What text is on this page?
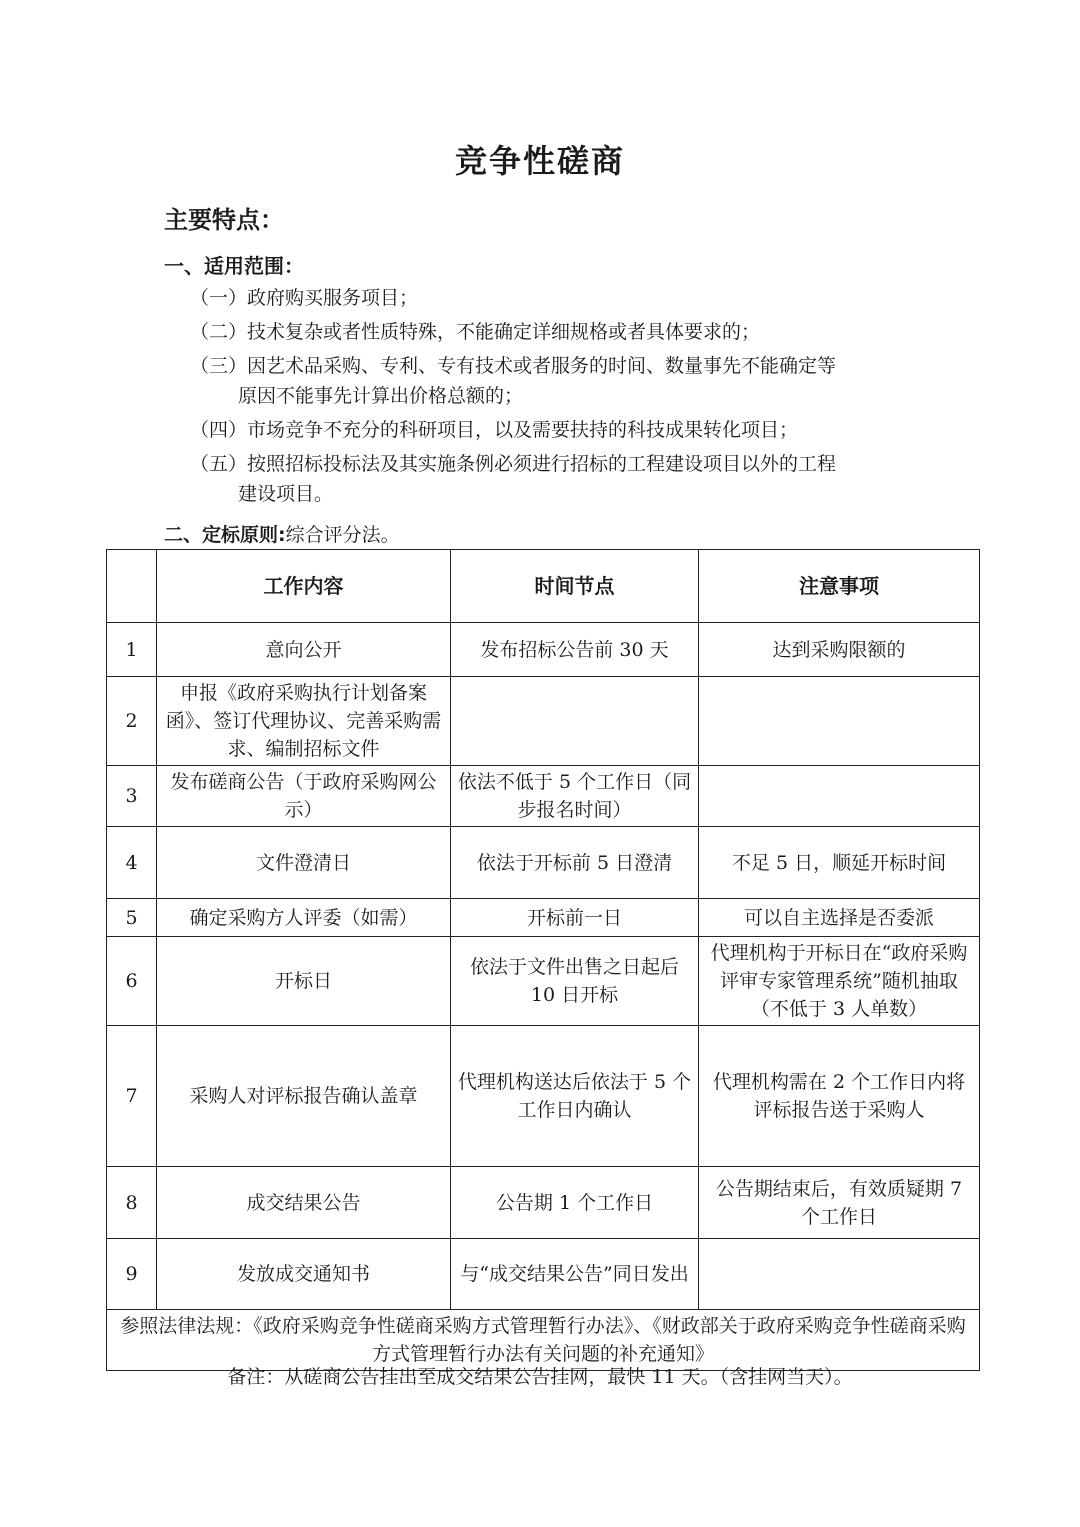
竞争性磋商
主要特点：
一、适用范围：
（一）政府购买服务项目；
（二）技术复杂或者性质特殊，不能确定详细规格或者具体要求的；
（三）因艺术品采购、专利、专有技术或者服务的时间、数量事先不能确定等
原因不能事先计算出价格总额的；
（四）市场竞争不充分的科研项目，以及需要扶持的科技成果转化项目；
（五）按照招标投标法及其实施条例必须进行招标的工程建设项目以外的工程
建设项目。
二、定标原则:综合评分法。
	工作内容	时间节点	注意事项
1	意向公开	发布招标公告前 30 天	达到采购限额的
2	申报《政府采购执行计划备案函》、签订代理协议、完善采购需求、编制招标文件		
3	发布磋商公告（于政府采购网公示）	依法不低于 5 个工作日（同步报名时间）	
4	文件澄清日	依法于开标前 5 日澄清	不足 5 日，顺延开标时间
5	确定采购方人评委（如需）	开标前一日	可以自主选择是否委派
6	开标日	依法于文件出售之日起后 10 日开标	代理机构于开标日在“政府采购评审专家管理系统”随机抽取（不低于 3 人单数）
7	采购人对评标报告确认盖章	代理机构送达后依法于 5 个工作日内确认	代理机构需在 2 个工作日内将评标报告送于采购人
8	成交结果公告	公告期 1 个工作日	公告期结束后，有效质疑期 7 个工作日
9	发放成交通知书	与“成交结果公告”同日发出	
参照法律法规：《政府采购竞争性磋商采购方式管理暂行办法》、《财政部关于政府采购竞争性磋商采购方式管理暂行办法有关问题的补充通知》			
备注：从磋商公告挂出至成交结果公告挂网，最快 11 天。（含挂网当天）。
